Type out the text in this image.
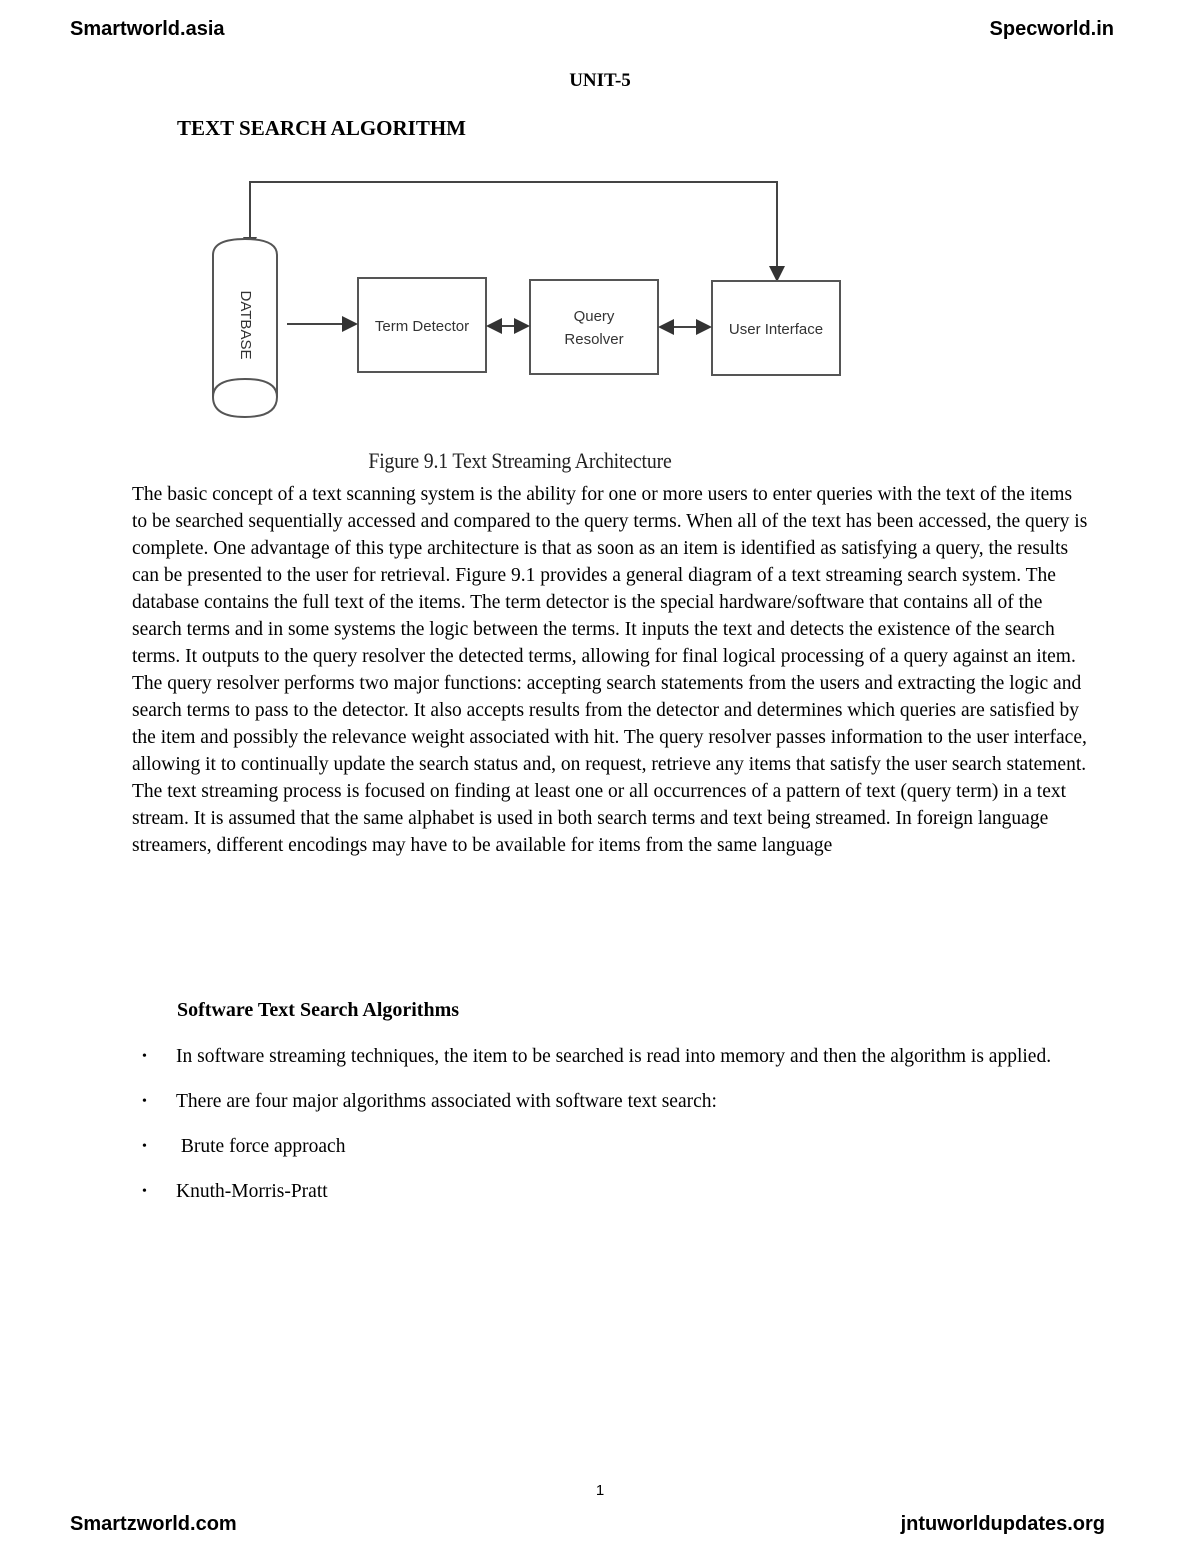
Smartworld.asia	Specworld.in
UNIT-5
TEXT SEARCH ALGORITHM
DATBASE	Term Detector
Query
Resolver
User Interface
Figure 9.1 Text Streaming Architecture
The basic concept of a text scanning system is the ability for one or more users to enter queries with the text of the items to be searched sequentially accessed and compared to the query terms. When all of the text has been accessed, the query is complete. One advantage of this type architecture is that as soon as an item is identified as satisfying a query, the results can be presented to the user for retrieval. Figure 9.1 provides a general diagram of a text streaming search system. The database contains the full text of the items. The term detector is the special hardware/software that contains all of the search terms and in some systems the logic between the terms. It inputs the text and detects the existence of the search terms. It outputs to the query resolver the detected terms, allowing for final logical processing of a query against an item. The query resolver performs two major functions: accepting search statements from the users and extracting the logic and search terms to pass to the detector. It also accepts results from the detector and determines which queries are satisfied by the item and possibly the relevance weight associated with hit. The query resolver passes information to the user interface, allowing it to continually update the search status and, on request, retrieve any items that satisfy the user search statement. The text streaming process is focused on finding at least one or all occurrences of a pattern of text (query term) in a text stream. It is assumed that the same alphabet is used in both search terms and text being streamed. In foreign language streamers, different encodings may have to be available for items from the same language
Software Text Search Algorithms
• In software streaming techniques, the item to be searched is read into memory and then the algorithm is applied.
• There are four major algorithms associated with software text search:
• Brute force approach
• Knuth-Morris-Pratt
1
Smartzworld.com	jntuworldupdates.org
